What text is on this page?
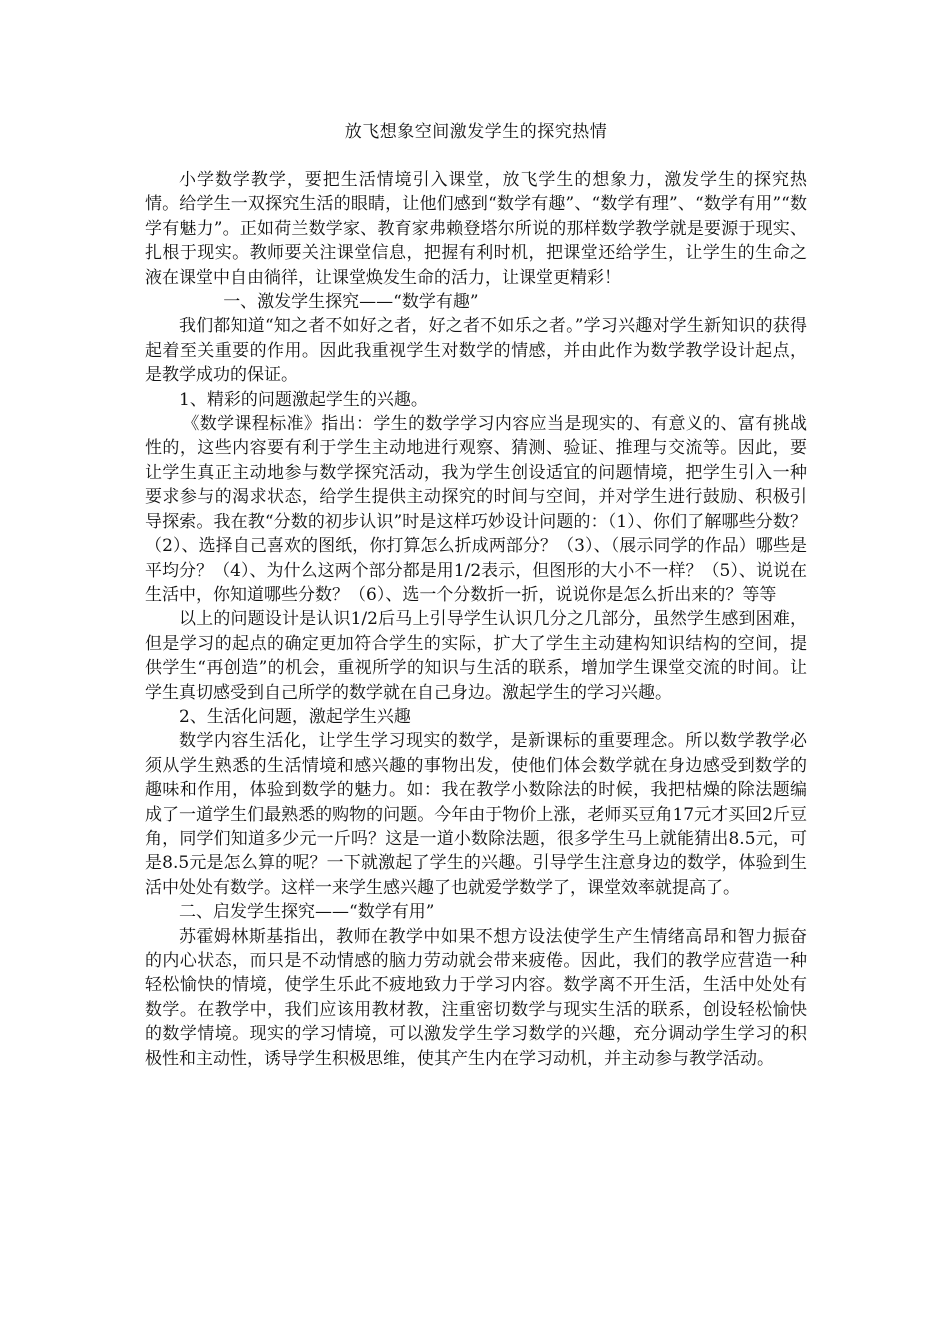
放飞想象空间激发学生的探究热情

小学数学教学，要把生活情境引入课堂，放飞学生的想象力，激发学生的探究热情。给学生一双探究生活的眼睛，让他们感到“数学有趣”、“数学有理”、“数学有用”“数学有魅力”。正如荷兰数学家、教育家弗赖登塔尔所说的那样数学教学就是要源于现实、扎根于现实。教师要关注课堂信息，把握有利时机，把课堂还给学生，让学生的生命之液在课堂中自由徜徉，让课堂焕发生命的活力，让课堂更精彩！

一、激发学生探究——“数学有趣”

我们都知道“知之者不如好之者，好之者不如乐之者。”学习兴趣对学生新知识的获得起着至关重要的作用。因此我重视学生对数学的情感，并由此作为数学教学设计起点，是教学成功的保证。

1、精彩的问题激起学生的兴趣。

《数学课程标准》指出：学生的数学学习内容应当是现实的、有意义的、富有挑战性的，这些内容要有利于学生主动地进行观察、猜测、验证、推理与交流等。因此，要让学生真正主动地参与数学探究活动，我为学生创设适宜的问题情境，把学生引入一种要求参与的渴求状态，给学生提供主动探究的时间与空间，并对学生进行鼓励、积极引导探索。我在教“分数的初步认识”时是这样巧妙设计问题的：（1）、你们了解哪些分数？（2）、选择自己喜欢的图纸，你打算怎么折成两部分？（3）、（展示同学的作品）哪些是平均分？（4）、为什么这两个部分都是用1/2表示，但图形的大小不一样？（5）、说说在生活中，你知道哪些分数？（6）、选一个分数折一折，说说你是怎么折出来的？等等

以上的问题设计是认识1/2后马上引导学生认识几分之几部分，虽然学生感到困难，但是学习的起点的确定更加符合学生的实际，扩大了学生主动建构知识结构的空间，提供学生“再创造”的机会，重视所学的知识与生活的联系，增加学生课堂交流的时间。让学生真切感受到自己所学的数学就在自己身边。激起学生的学习兴趣。

2、生活化问题，激起学生兴趣

数学内容生活化，让学生学习现实的数学，是新课标的重要理念。所以数学教学必须从学生熟悉的生活情境和感兴趣的事物出发，使他们体会数学就在身边感受到数学的趣味和作用，体验到数学的魅力。如：我在教学小数除法的时候，我把枯燥的除法题编成了一道学生们最熟悉的购物的问题。今年由于物价上涨，老师买豆角17元才买回2斤豆角，同学们知道多少元一斤吗？这是一道小数除法题，很多学生马上就能猜出8.5元，可是8.5元是怎么算的呢？一下就激起了学生的兴趣。引导学生注意身边的数学，体验到生活中处处有数学。这样一来学生感兴趣了也就爱学数学了，课堂效率就提高了。

二、启发学生探究——“数学有用”

苏霍姆林斯基指出，教师在教学中如果不想方设法使学生产生情绪高昂和智力振奋的内心状态，而只是不动情感的脑力劳动就会带来疲倦。因此，我们的教学应营造一种轻松愉快的情境，使学生乐此不疲地致力于学习内容。数学离不开生活，生活中处处有数学。在教学中，我们应该用教材教，注重密切数学与现实生活的联系，创设轻松愉快的数学情境。现实的学习情境，可以激发学生学习数学的兴趣，充分调动学生学习的积极性和主动性，诱导学生积极思维，使其产生内在学习动机，并主动参与教学活动。
